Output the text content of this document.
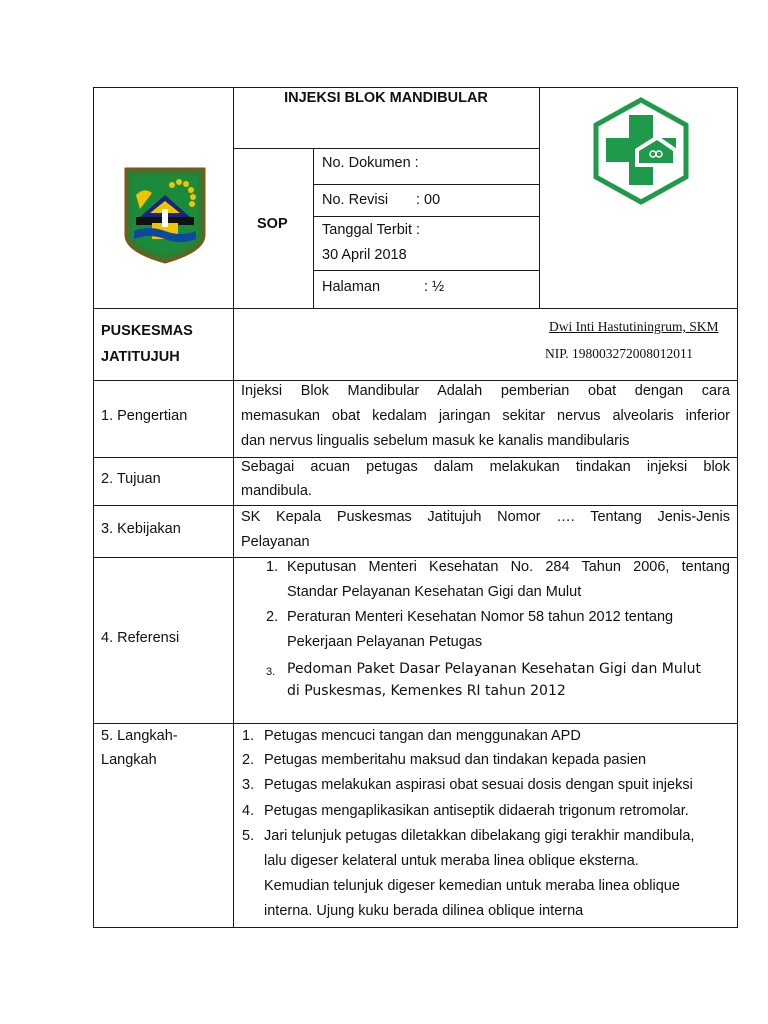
INJEKSI BLOK MANDIBULAR
SOP
No. Dokumen :
No. Revisi : 00
Tanggal Terbit :
30 April 2018
Halaman	: ½
PUSKESMAS
JATITUJUH
Dwi Inti Hastutiningrum, SKM
NIP. 198003272008012011
1. Pengertian
Injeksi Blok Mandibular Adalah pemberian obat dengan cara
memasukan obat kedalam jaringan sekitar nervus alveolaris inferior
dan nervus lingualis sebelum masuk ke kanalis mandibularis
2. Tujuan
Sebagai acuan petugas dalam melakukan tindakan injeksi blok
mandibula.
3. Kebijakan
SK Kepala Puskesmas Jatitujuh Nomor …. Tentang Jenis-Jenis
Pelayanan
4. Referensi
1. Keputusan Menteri Kesehatan No. 284 Tahun 2006, tentang
Standar Pelayanan Kesehatan Gigi dan Mulut
2. Peraturan Menteri Kesehatan Nomor 58 tahun 2012 tentang
Pekerjaan Pelayanan Petugas
3. Pedoman Paket Dasar Pelayanan Kesehatan Gigi dan Mulut
di Puskesmas, Kemenkes RI tahun 2012
5. Langkah-
Langkah
1. Petugas mencuci tangan dan menggunakan APD
2. Petugas memberitahu maksud dan tindakan kepada pasien
3. Petugas melakukan aspirasi obat sesuai dosis dengan spuit injeksi
4. Petugas mengaplikasikan antiseptik didaerah trigonum retromolar.
5. Jari telunjuk petugas diletakkan dibelakang gigi terakhir mandibula,
lalu digeser kelateral untuk meraba linea oblique eksterna.
Kemudian telunjuk digeser kemedian untuk meraba linea oblique
interna. Ujung kuku berada dilinea oblique interna
